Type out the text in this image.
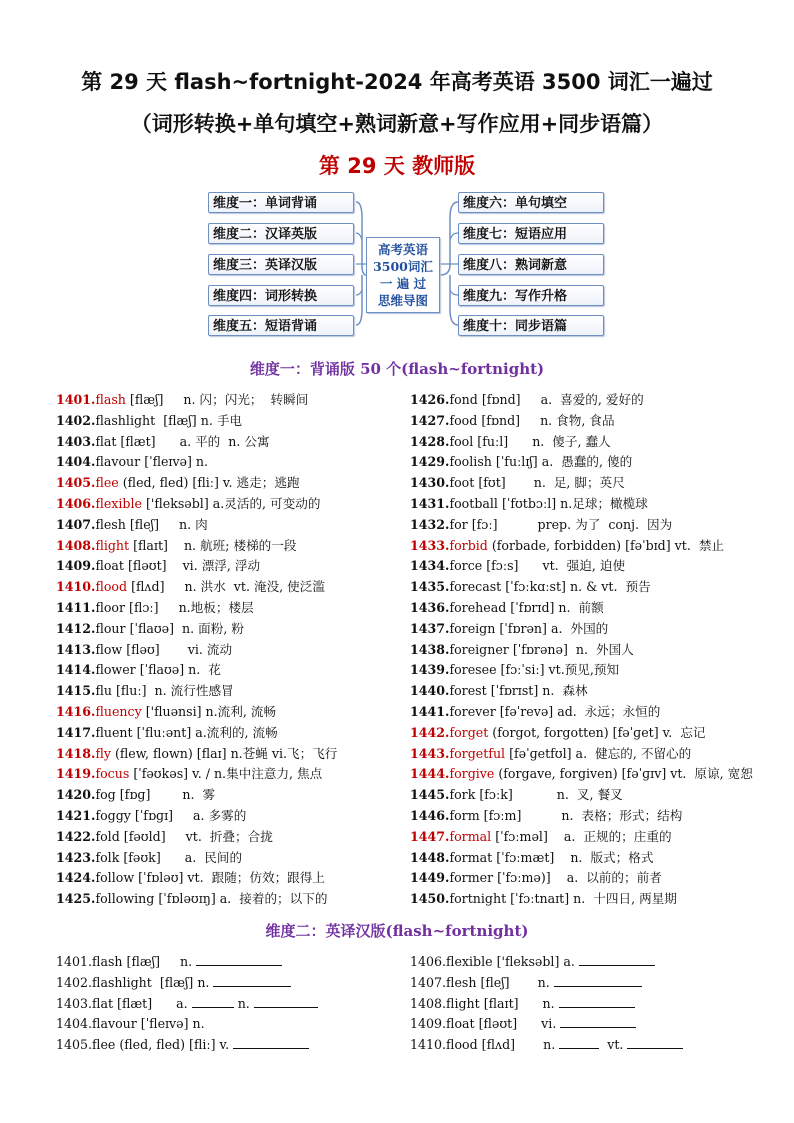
第 29 天 flash~fortnight-2024 年高考英语 3500 词汇一遍过
（词形转换+单句填空+熟词新意+写作应用+同步语篇）
第 29 天 教师版
维度一：单词背诵
维度二：汉译英版
维度三：英译汉版
维度四：词形转换
维度五：短语背诵
维度六：单句填空
维度七：短语应用
维度八：熟词新意
维度九：写作升格
维度十：同步语篇
高考英语
3500词汇
一 遍 过
思维导图
维度一：背诵版 50 个(flash~fortnight)
1401.flash [flæʃ]     n. 闪；闪光；  转瞬间
1402.flashlight  [flæʃ] n. 手电
1403.flat [flæt]      a. 平的  n. 公寓
1404.flavour [ˈfleɪvə] n.
1405.flee (fled, fled) [fliː] v. 逃走；逃跑
1406.flexible ['fleksəbl] a.灵活的, 可变动的
1407.flesh [fleʃ]     n. 肉
1408.flight [flaɪt]    n. 航班; 楼梯的一段
1409.float [fləʊt]    vi. 漂浮, 浮动
1410.flood [flʌd]     n. 洪水  vt. 淹没, 使泛滥
1411.floor [flɔː]     n.地板；楼层
1412.flour [ˈflaʊə]  n. 面粉, 粉
1413.flow [fləʊ]       vi. 流动
1414.flower [ˈflaʊə] n.  花
1415.flu [fluː]  n. 流行性感冒
1416.fluency ['fluənsi] n.流利, 流畅
1417.fluent [ˈfluːənt] a.流利的, 流畅
1418.fly (flew, flown) [flaɪ] n.苍蝇 vi.飞；飞行
1419.focus [ˈfəʊkəs] v. / n.集中注意力, 焦点
1420.fog [fɒɡ]        n.  雾
1421.foggy [ˈfɒɡɪ]     a. 多雾的
1422.fold [fəʊld]     vt.  折叠；合拢
1423.folk [fəʊk]      a.  民间的
1424.follow [ˈfɒləʊ] vt.  跟随；仿效；跟得上
1425.following [ˈfɒləʊɪŋ] a.  接着的；以下的
1426.fond [fɒnd]     a.  喜爱的, 爱好的
1427.food [fɒnd]     n. 食物, 食品
1428.fool [fuːl]      n.  傻子, 蠢人
1429.foolish [ˈfuːlɪʃ] a.  愚蠢的, 傻的
1430.foot [fʊt]       n.  足, 脚；英尺
1431.football [ˈfʊtbɔːl] n.足球；橄榄球
1432.for [fɔː]          prep. 为了  conj.  因为
1433.forbid (forbade, forbidden) [fəˈbɪd] vt.  禁止
1434.force [fɔːs]      vt.  强迫, 迫使
1435.forecast [ˈfɔːkɑːst] n. & vt.  预告
1436.forehead [ˈfɒrɪd] n.  前额
1437.foreign [ˈfɒrən] a.  外国的
1438.foreigner [ˈfɒrənə]  n.  外国人
1439.foresee [fɔːˈsiː] vt.预见,预知
1440.forest [ˈfɒrɪst] n.  森林
1441.forever [fəˈrevə] ad.  永远；永恒的
1442.forget (forgot, forgotten) [fəˈɡet] v.  忘记
1443.forgetful [fəˈɡetfʊl] a.  健忘的, 不留心的
1444.forgive (forgave, forgiven) [fəˈɡɪv] vt.  原谅, 宽恕
1445.fork [fɔːk]           n.  叉, 餐叉
1446.form [fɔːm]          n.  表格；形式；结构
1447.formal [ˈfɔːməl]    a.  正规的；庄重的
1448.format [ˈfɔːmæt]    n.  版式；格式
1449.former [ˈfɔːmə)]    a.  以前的；前者
1450.fortnight [ˈfɔːtnaɪt] n.  十四日, 两星期
维度二：英译汉版(flash~fortnight)
1401.flash [flæʃ]     n.
1402.flashlight  [flæʃ] n.
1403.flat [flæt]      a.	n.
1404.flavour [ˈfleɪvə] n.
1405.flee (fled, fled) [fliː] v.
1406.flexible ['fleksəbl] a.
1407.flesh [fleʃ]       n.
1408.flight [flaɪt]      n.
1409.float [fləʊt]      vi.
1410.flood [flʌd]       n.	vt.
